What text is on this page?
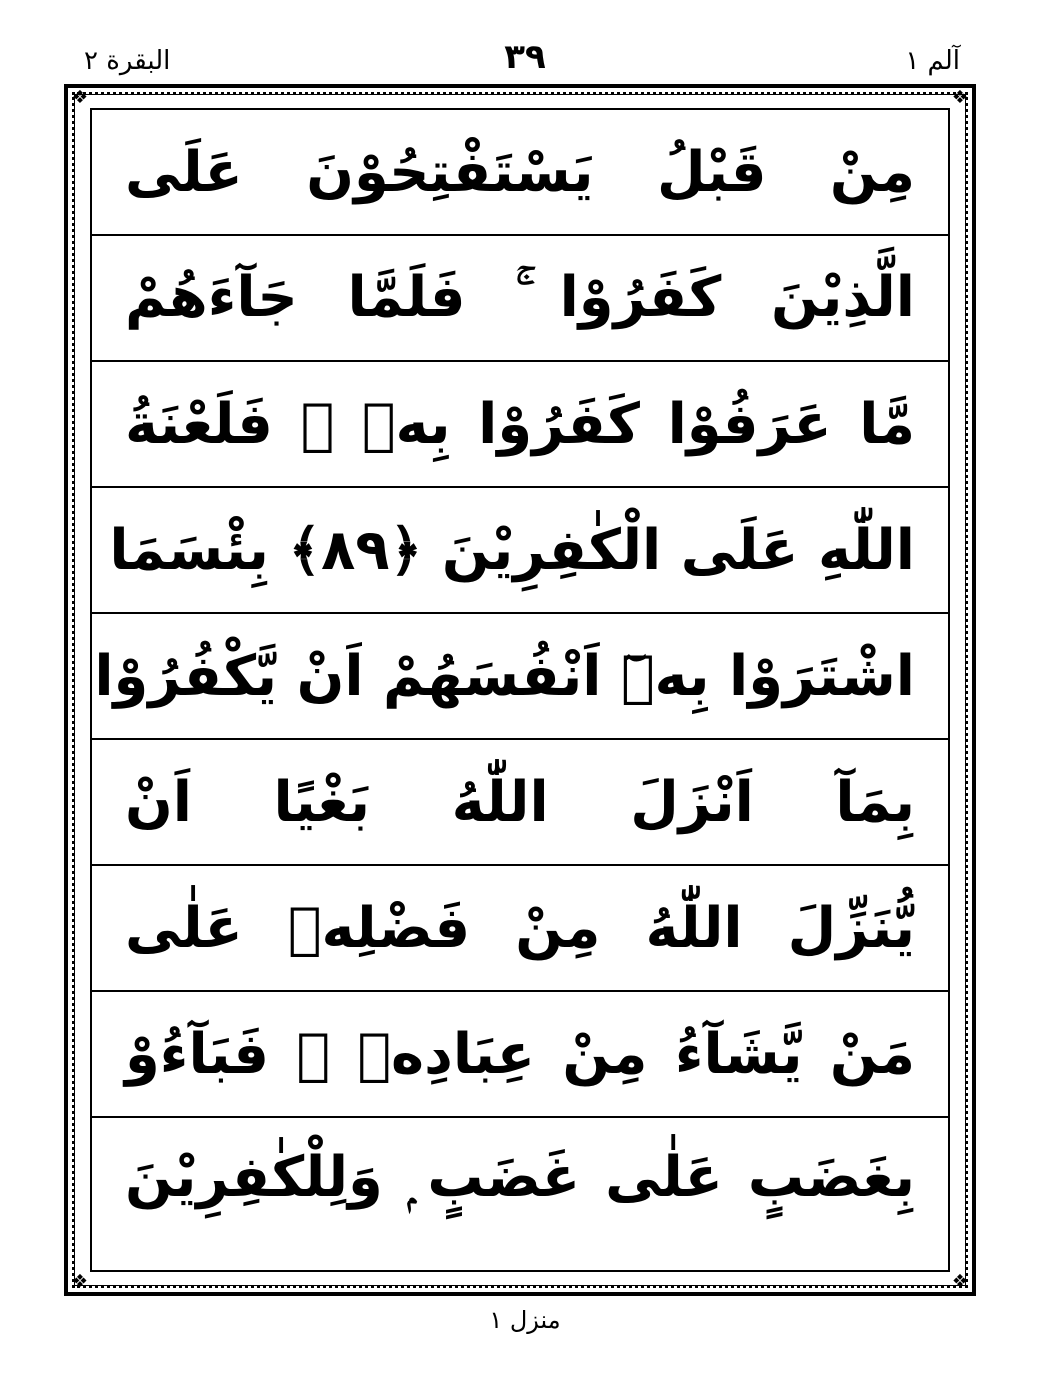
البقرة ٢	٣٩	آلم ١
❖	❖
❖	❖
مِنْ قَبْلُ يَسْتَفْتِحُوْنَ عَلَى
الَّذِيْنَ كَفَرُوْا ۚ فَلَمَّا جَآءَهُمْ
مَّا عَرَفُوْا كَفَرُوْا بِهٖ ۡ فَلَعْنَةُ
اللّٰهِ عَلَى الْكٰفِرِيْنَ ﴿٨٩﴾ بِئْسَمَا
اشْتَرَوْا بِهٖٓ اَنْفُسَهُمْ اَنْ يَّكْفُرُوْا
بِمَآ اَنْزَلَ اللّٰهُ بَغْيًا اَنْ
يُّنَزِّلَ اللّٰهُ مِنْ فَضْلِهٖ عَلٰى
مَنْ يَّشَآءُ مِنْ عِبَادِهٖ ۚ فَبَآءُوْ
بِغَضَبٍ عَلٰى غَضَبٍ ۭ وَلِلْكٰفِرِيْنَ
منزل ١
